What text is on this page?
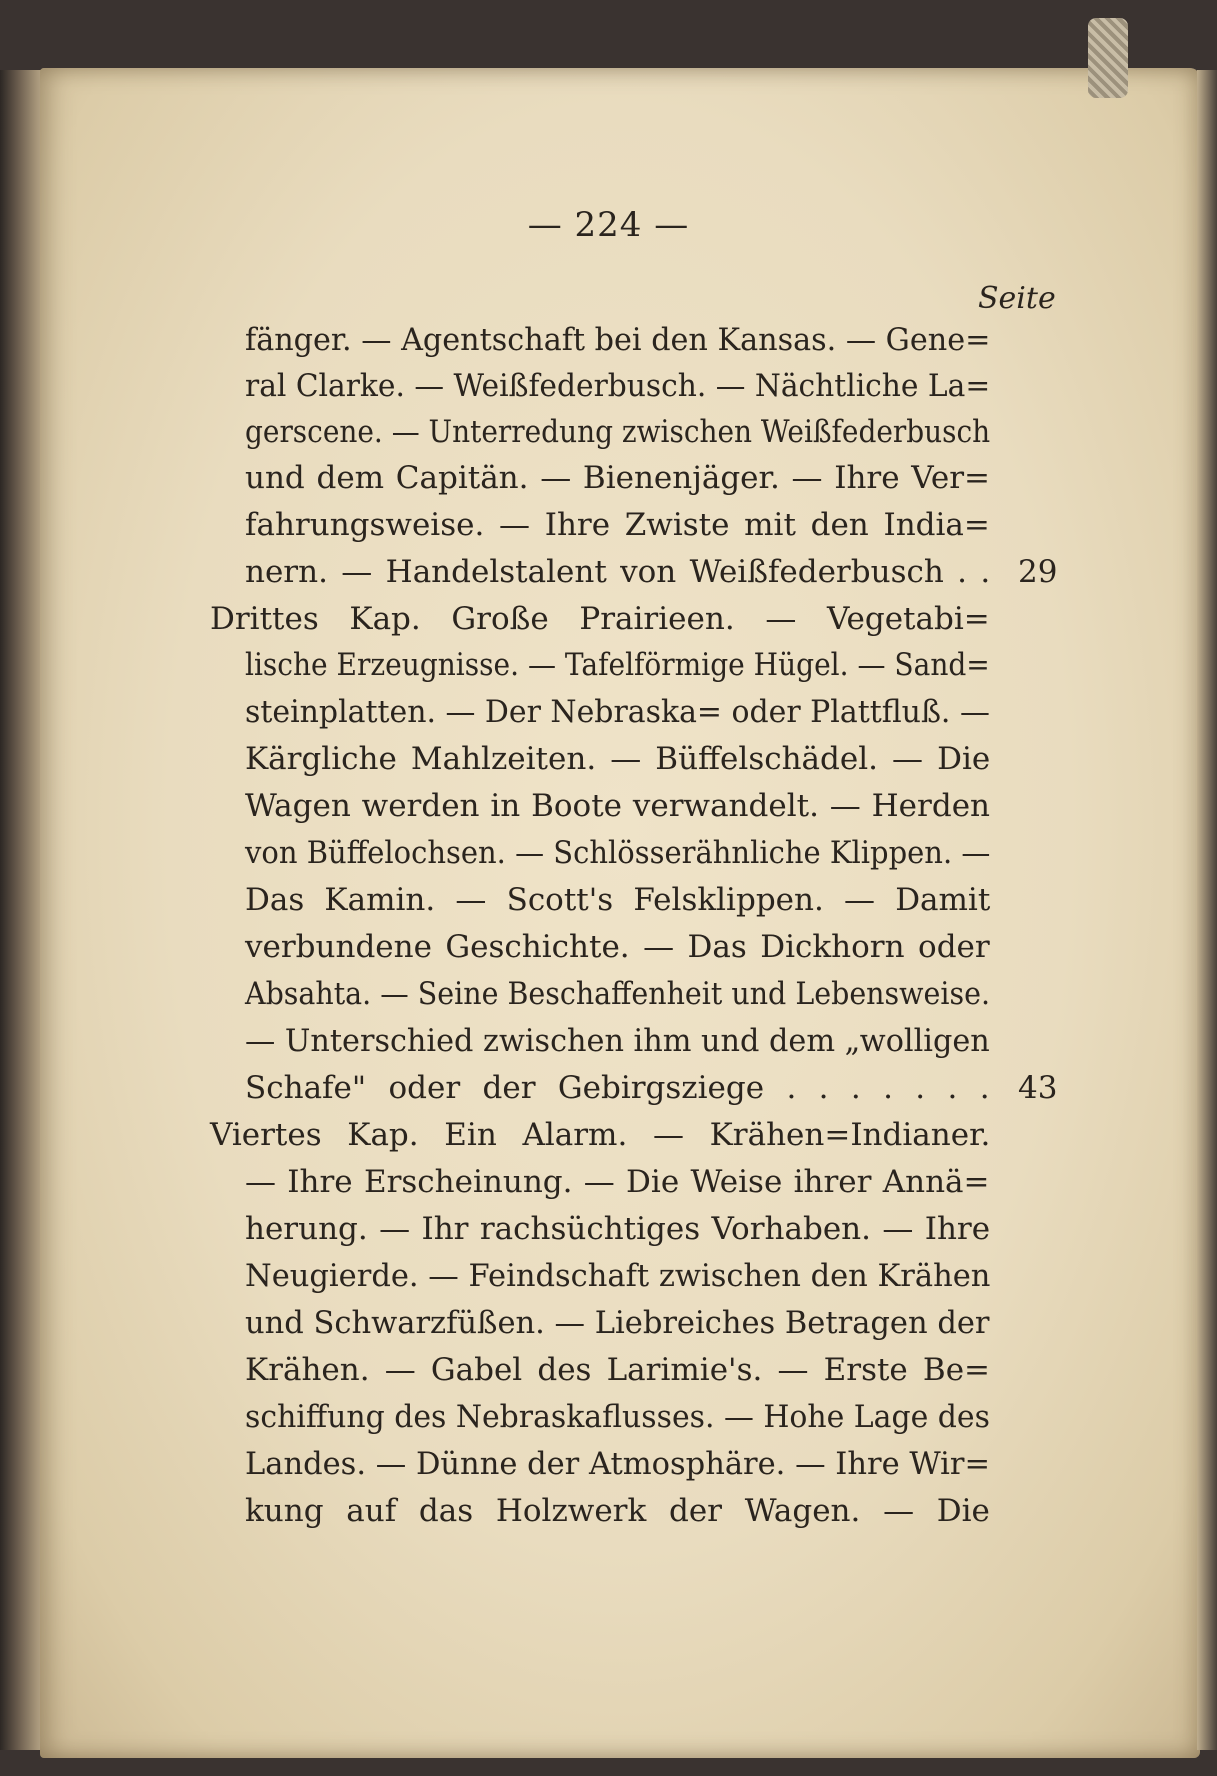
— 224 —
Seite
fänger. — Agentschaft bei den Kansas. — Gene=
ral Clarke. — Weißfederbusch. — Nächtliche La=
gerscene. — Unterredung zwischen Weißfederbusch
und dem Capitän. — Bienenjäger. — Ihre Ver=
fahrungsweise. — Ihre Zwiste mit den India=
nern. — Handelstalent von Weißfederbusch . . 29
Drittes Kap. Große Prairieen. — Vegetabi=
lische Erzeugnisse. — Tafelförmige Hügel. — Sand=
steinplatten. — Der Nebraska= oder Plattfluß. —
Kärgliche Mahlzeiten. — Büffelschädel. — Die
Wagen werden in Boote verwandelt. — Herden
von Büffelochsen. — Schlösserähnliche Klippen. —
Das Kamin. — Scott's Felsklippen. — Damit
verbundene Geschichte. — Das Dickhorn oder
Absahta. — Seine Beschaffenheit und Lebensweise.
— Unterschied zwischen ihm und dem „wolligen
Schafe" oder der Gebirgsziege . . . . . . . 43
Viertes Kap. Ein Alarm. — Krähen=Indianer.
— Ihre Erscheinung. — Die Weise ihrer Annä=
herung. — Ihr rachsüchtiges Vorhaben. — Ihre
Neugierde. — Feindschaft zwischen den Krähen
und Schwarzfüßen. — Liebreiches Betragen der
Krähen. — Gabel des Larimie's. — Erste Be=
schiffung des Nebraskaflusses. — Hohe Lage des
Landes. — Dünne der Atmosphäre. — Ihre Wir=
kung auf das Holzwerk der Wagen. — Die
